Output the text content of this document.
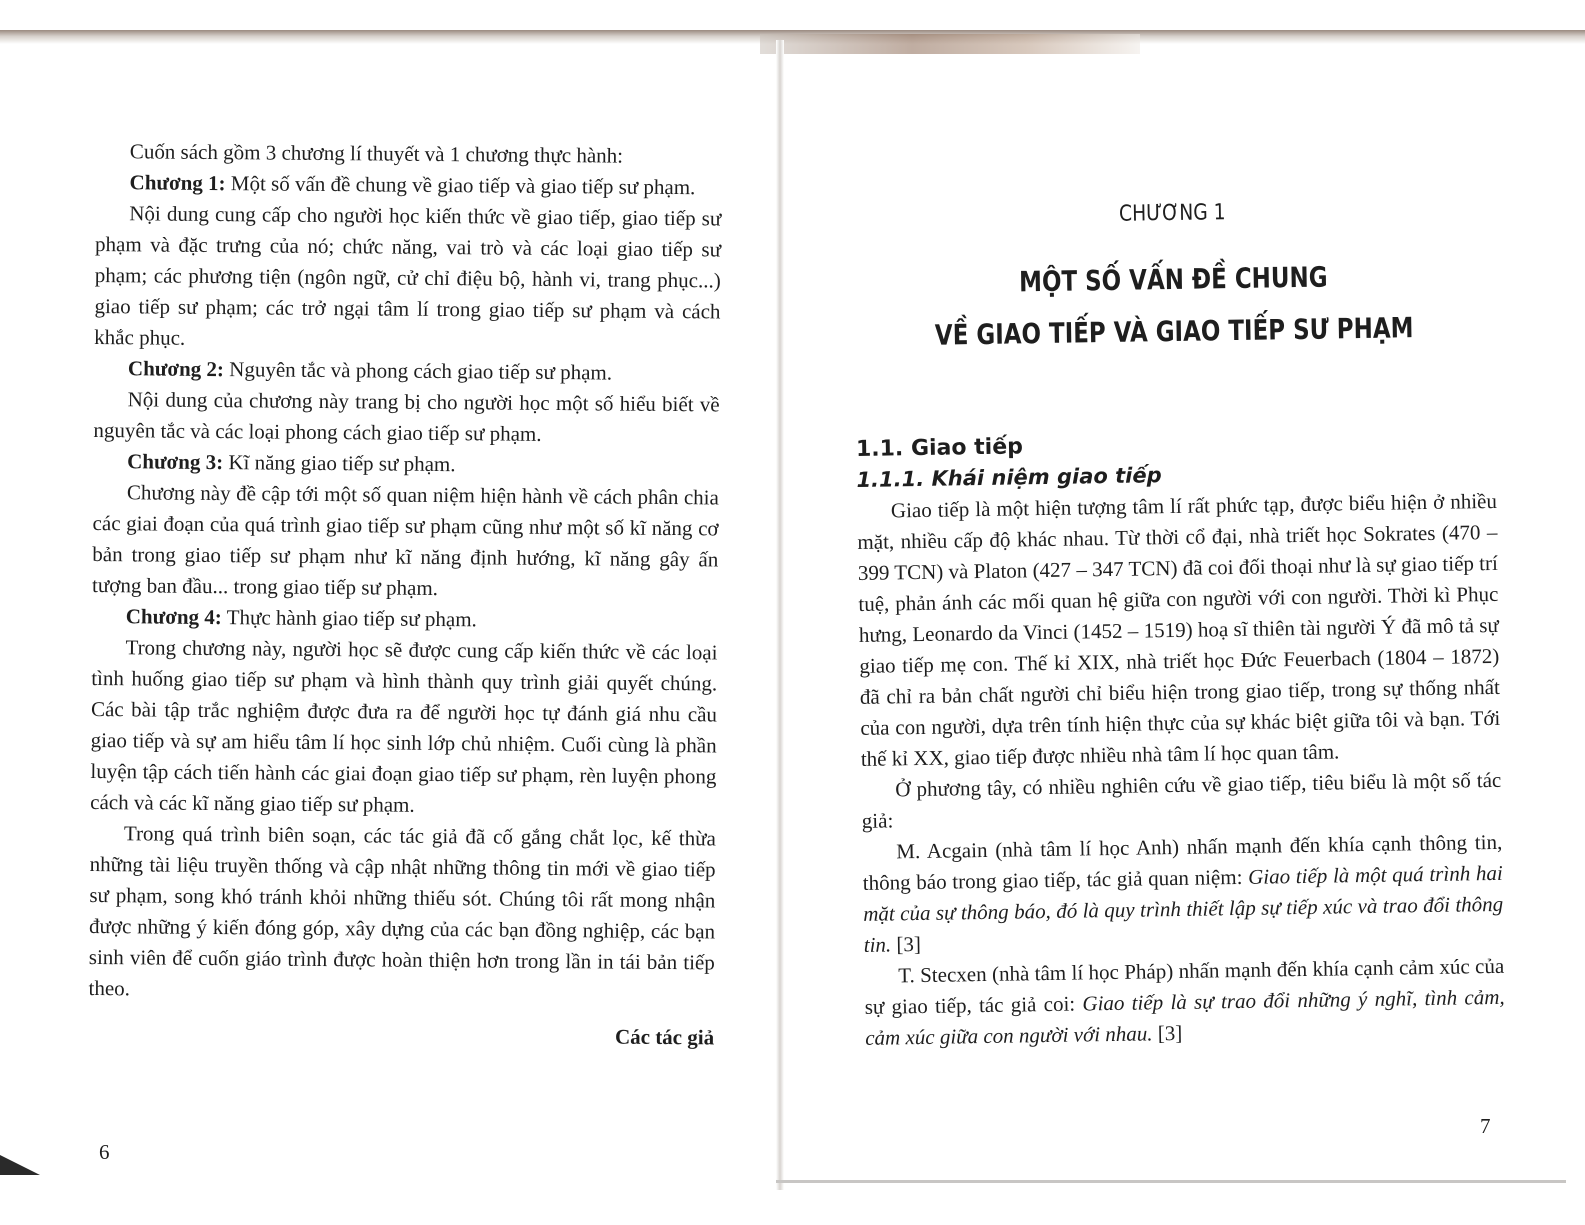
Cuốn sách gồm 3 chương lí thuyết và 1 chương thực hành:

Chương 1: Một số vấn đề chung về giao tiếp và giao tiếp sư phạm.

Nội dung cung cấp cho người học kiến thức về giao tiếp, giao tiếp sư phạm và đặc trưng của nó; chức năng, vai trò và các loại giao tiếp sư phạm; các phương tiện (ngôn ngữ, cử chỉ điệu bộ, hành vi, trang phục...) giao tiếp sư phạm; các trở ngại tâm lí trong giao tiếp sư phạm và cách khắc phục.

Chương 2: Nguyên tắc và phong cách giao tiếp sư phạm.

Nội dung của chương này trang bị cho người học một số hiểu biết về nguyên tắc và các loại phong cách giao tiếp sư phạm.

Chương 3: Kĩ năng giao tiếp sư phạm.

Chương này đề cập tới một số quan niệm hiện hành về cách phân chia các giai đoạn của quá trình giao tiếp sư phạm cũng như một số kĩ năng cơ bản trong giao tiếp sư phạm như kĩ năng định hướng, kĩ năng gây ấn tượng ban đầu... trong giao tiếp sư phạm.

Chương 4: Thực hành giao tiếp sư phạm.

Trong chương này, người học sẽ được cung cấp kiến thức về các loại tình huống giao tiếp sư phạm và hình thành quy trình giải quyết chúng. Các bài tập trắc nghiệm được đưa ra để người học tự đánh giá nhu cầu giao tiếp và sự am hiểu tâm lí học sinh lớp chủ nhiệm. Cuối cùng là phần luyện tập cách tiến hành các giai đoạn giao tiếp sư phạm, rèn luyện phong cách và các kĩ năng giao tiếp sư phạm.

Trong quá trình biên soạn, các tác giả đã cố gắng chắt lọc, kế thừa những tài liệu truyền thống và cập nhật những thông tin mới về giao tiếp sư phạm, song khó tránh khỏi những thiếu sót. Chúng tôi rất mong nhận được những ý kiến đóng góp, xây dựng của các bạn đồng nghiệp, các bạn sinh viên để cuốn giáo trình được hoàn thiện hơn trong lần in tái bản tiếp theo.

Các tác giả

6

CHƯƠNG 1

MỘT SỐ VẤN ĐỀ CHUNG

VỀ GIAO TIẾP VÀ GIAO TIẾP SƯ PHẠM

1.1. Giao tiếp

1.1.1. Khái niệm giao tiếp

Giao tiếp là một hiện tượng tâm lí rất phức tạp, được biểu hiện ở nhiều mặt, nhiều cấp độ khác nhau. Từ thời cổ đại, nhà triết học Sokrates (470 – 399 TCN) và Platon (427 – 347 TCN) đã coi đối thoại như là sự giao tiếp trí tuệ, phản ánh các mối quan hệ giữa con người với con người. Thời kì Phục hưng, Leonardo da Vinci (1452 – 1519) hoạ sĩ thiên tài người Ý đã mô tả sự giao tiếp mẹ con. Thế kỉ XIX, nhà triết học Đức Feuerbach (1804 – 1872) đã chỉ ra bản chất người chỉ biểu hiện trong giao tiếp, trong sự thống nhất của con người, dựa trên tính hiện thực của sự khác biệt giữa tôi và bạn. Tới thế kỉ XX, giao tiếp được nhiều nhà tâm lí học quan tâm.

Ở phương tây, có nhiều nghiên cứu về giao tiếp, tiêu biểu là một số tác giả:

M. Acgain (nhà tâm lí học Anh) nhấn mạnh đến khía cạnh thông tin, thông báo trong giao tiếp, tác giả quan niệm: Giao tiếp là một quá trình hai mặt của sự thông báo, đó là quy trình thiết lập sự tiếp xúc và trao đổi thông tin. [3]

T. Stecxen (nhà tâm lí học Pháp) nhấn mạnh đến khía cạnh cảm xúc của sự giao tiếp, tác giả coi: Giao tiếp là sự trao đổi những ý nghĩ, tình cảm, cảm xúc giữa con người với nhau. [3]

7
